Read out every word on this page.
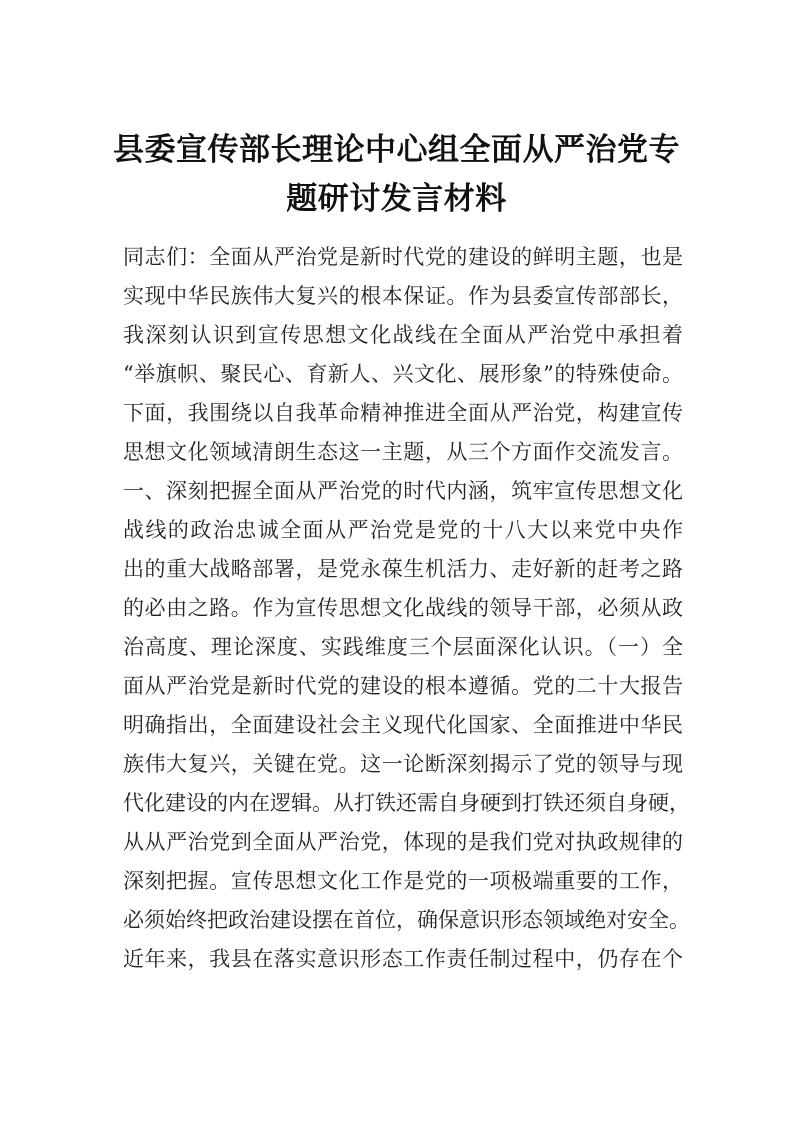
县委宣传部长理论中心组全面从严治党专
题研讨发言材料
同志们：全面从严治党是新时代党的建设的鲜明主题，也是
实现中华民族伟大复兴的根本保证。作为县委宣传部部长，
我深刻认识到宣传思想文化战线在全面从严治党中承担着
“举旗帜、聚民心、育新人、兴文化、展形象”的特殊使命。
下面，我围绕以自我革命精神推进全面从严治党，构建宣传
思想文化领域清朗生态这一主题，从三个方面作交流发言。
一、深刻把握全面从严治党的时代内涵，筑牢宣传思想文化
战线的政治忠诚全面从严治党是党的十八大以来党中央作
出的重大战略部署，是党永葆生机活力、走好新的赶考之路
的必由之路。作为宣传思想文化战线的领导干部，必须从政
治高度、理论深度、实践维度三个层面深化认识。（一）全
面从严治党是新时代党的建设的根本遵循。党的二十大报告
明确指出，全面建设社会主义现代化国家、全面推进中华民
族伟大复兴，关键在党。这一论断深刻揭示了党的领导与现
代化建设的内在逻辑。从打铁还需自身硬到打铁还须自身硬，
从从严治党到全面从严治党，体现的是我们党对执政规律的
深刻把握。宣传思想文化工作是党的一项极端重要的工作，
必须始终把政治建设摆在首位，确保意识形态领域绝对安全。
近年来，我县在落实意识形态工作责任制过程中，仍存在个
